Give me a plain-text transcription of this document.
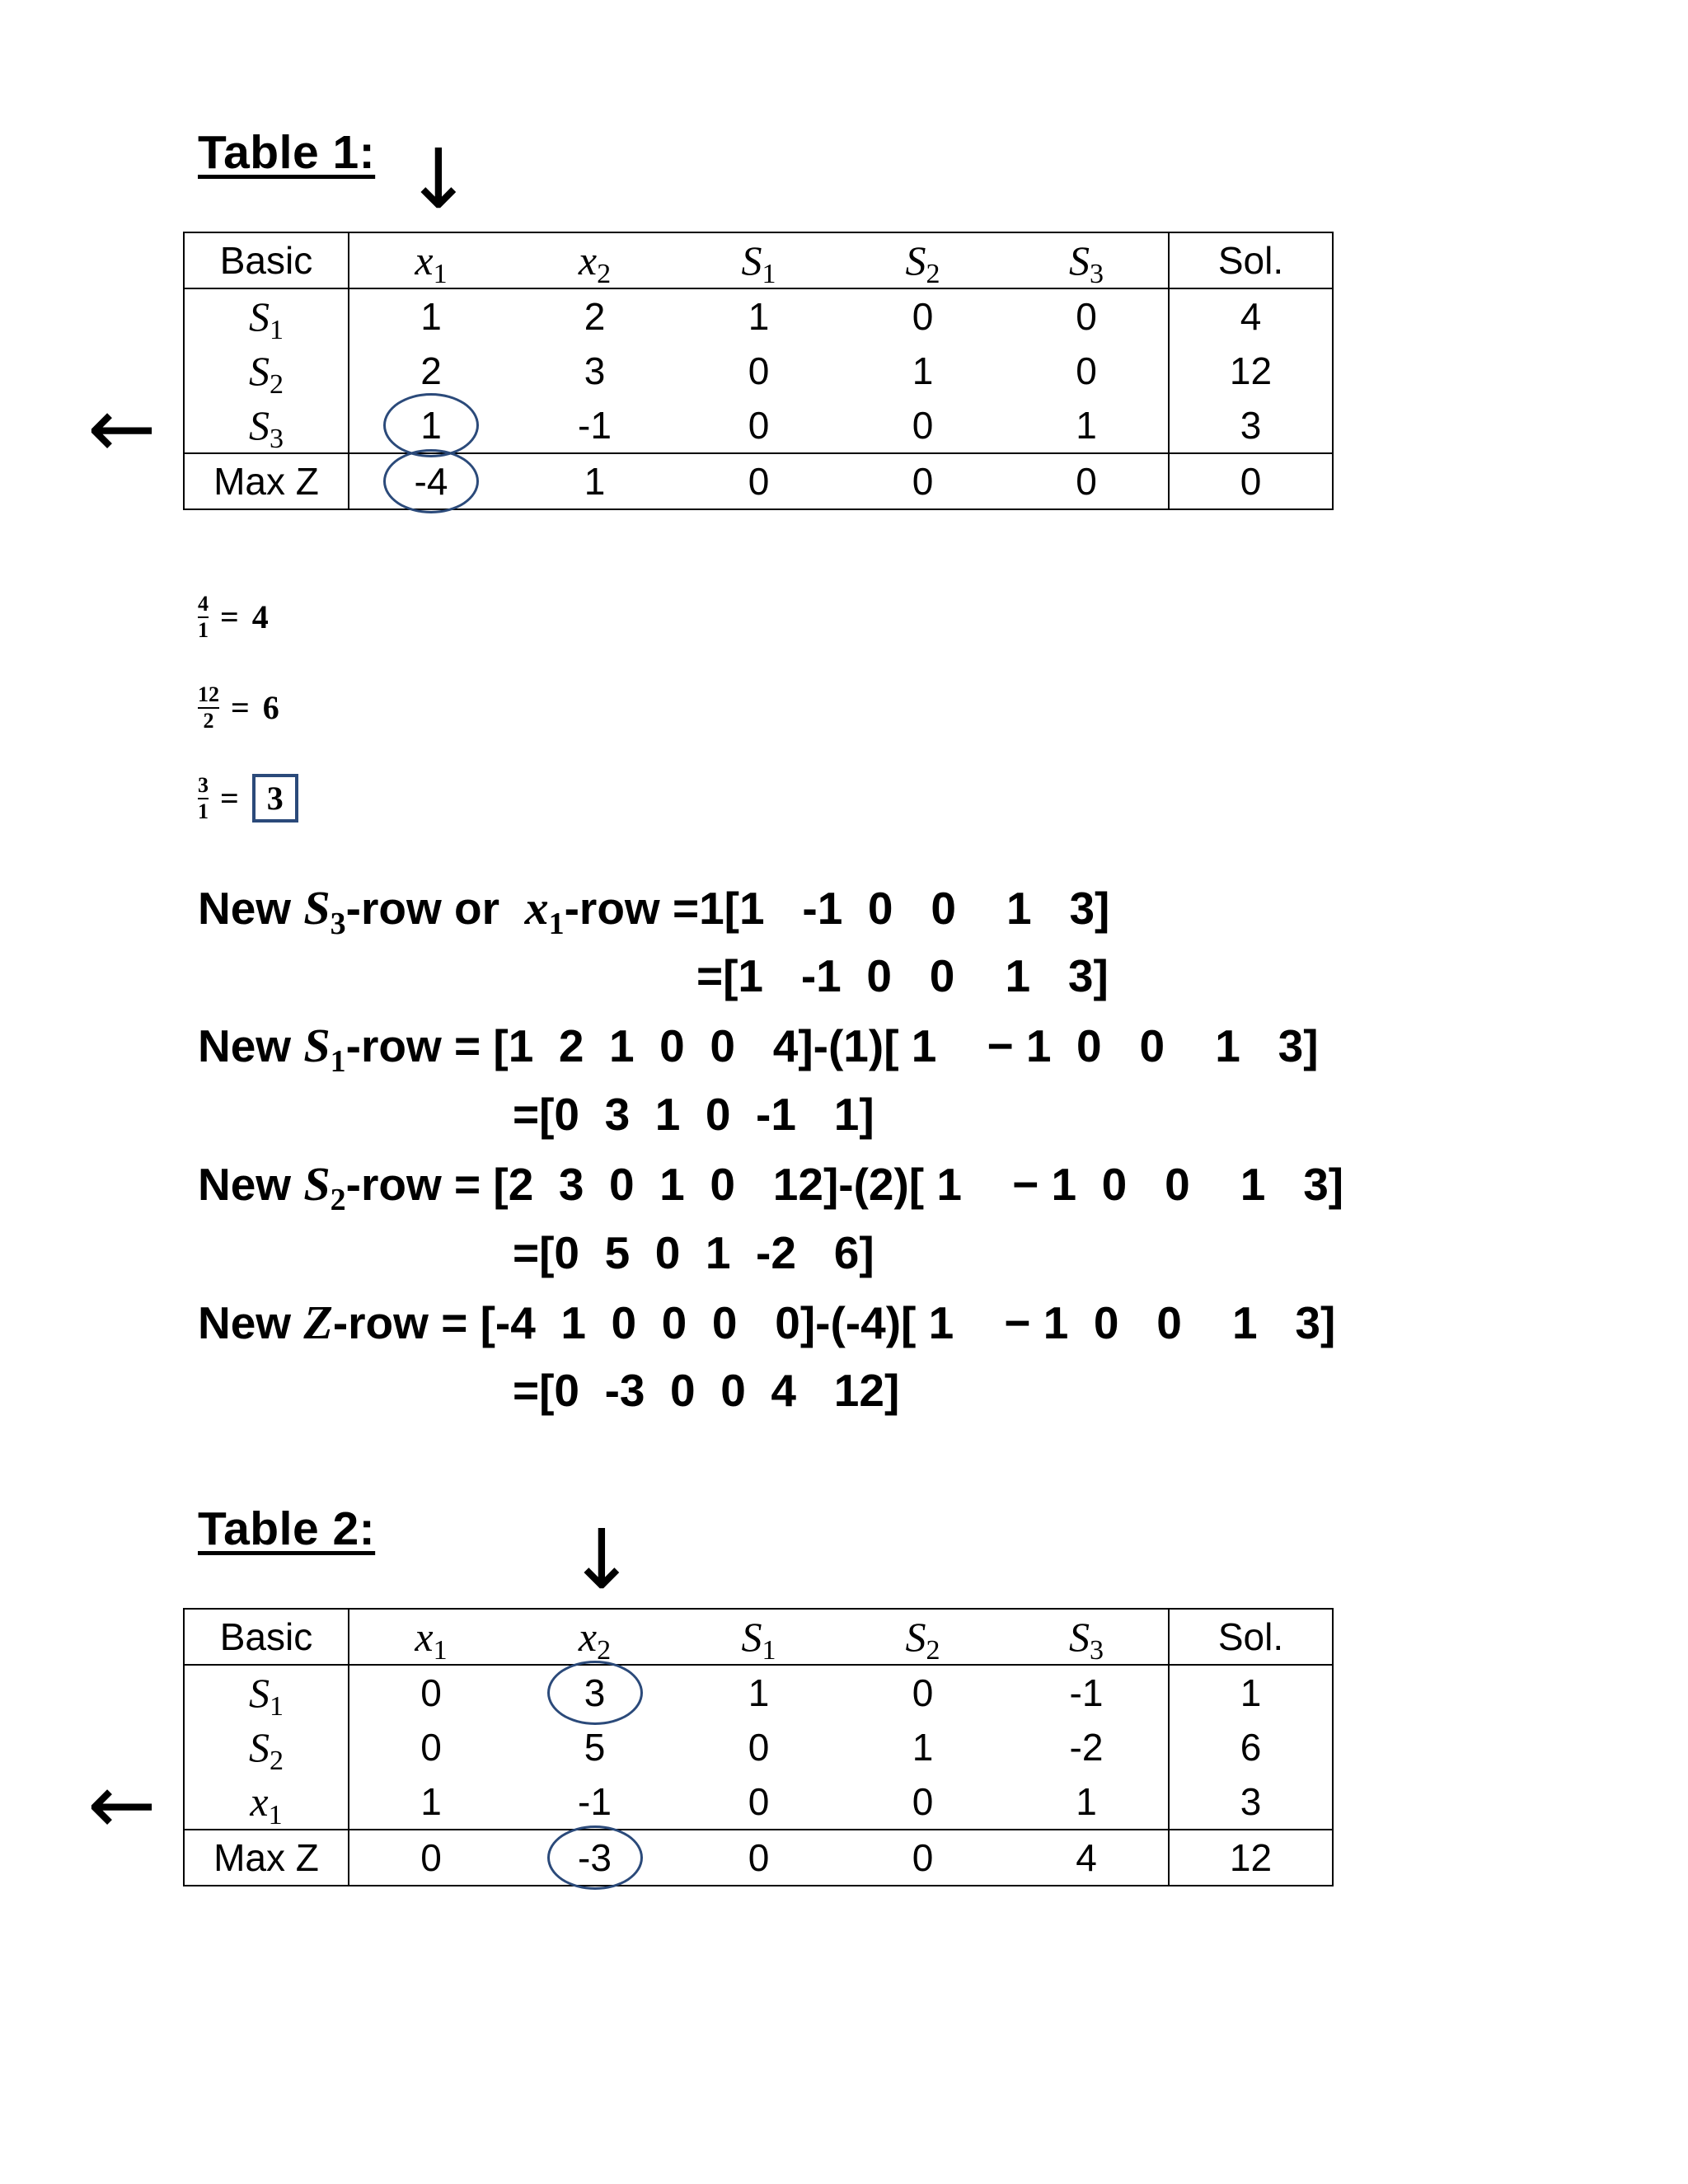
Table 1: ↓
←
Basic	$x_1$	$x_2$	$S_1$	$S_2$	$S_3$	Sol.
$S_1$	1	2	1	0	0	4
$S_2$	2	3	0	1	0	12
$S_3$	1	-1	0	0	1	3
Max Z	-4	1	0	0	0	0
4
1 = 4
12
2 = 6
3
1 = 3
New $S_3$-row or  $x_1$-row =1[1   -1  0   0    1   3]
=[1   -1  0   0    1   3]
New $S_1$-row = [1  2  1  0  0   4]-(1)[ 1    − 1  0   0    1   3]
=[0  3  1  0  -1   1]
New $S_2$-row = [2  3  0  1  0   12]-(2)[ 1    − 1  0   0    1   3]
=[0  5  0  1  -2   6]
New Z-row = [-4  1  0  0  0   0]-(-4)[ 1    − 1  0   0    1   3]
=[0  -3  0  0  4   12]
Table 2: ↓
←
Basic	$x_1$	$x_2$	$S_1$	$S_2$	$S_3$	Sol.
$S_1$	0	3	1	0	-1	1
$S_2$	0	5	0	1	-2	6
$x_1$	1	-1	0	0	1	3
Max Z	0	-3	0	0	4	12
